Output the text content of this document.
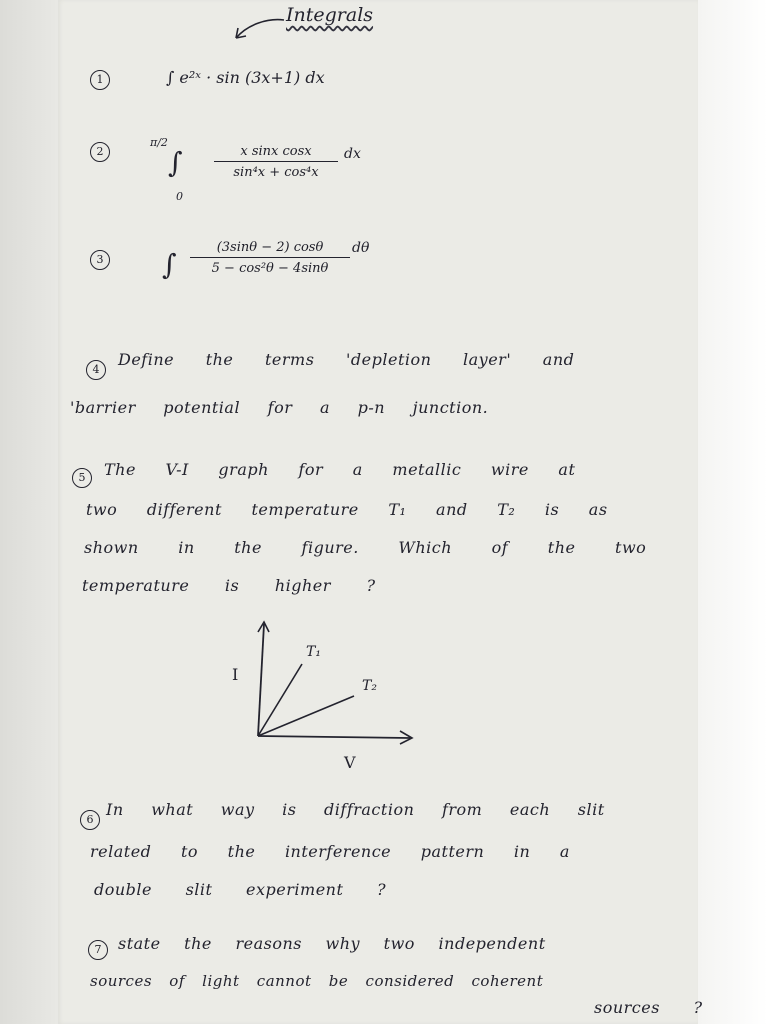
Integrals
1	∫ e²ˣ · sin (3x+1) dx
2
π/2
∫
0
$\frac{\text{x sinx cosx}}{\text{sin⁴x + cos⁴x}}$ dx
3 ∫ $\frac{(3\sin\theta - 2) \cos\theta}{\text{5 − cos²θ − 4sinθ}}$ dθ
4
Define the terms 'depletion layer' and
'barrier potential for a p-n junction.
5	The V-I graph for a metallic wire at
two different temperature T₁ and T₂ is as
shown in the figure. Which of the two
temperature is higher ?
I
V
T₁
T₂
6
In what way is diffraction from each slit
related to the interference pattern in a
double slit experiment ?
7	state the reasons why two independent
sources of light cannot be considered coherent
sources ?
